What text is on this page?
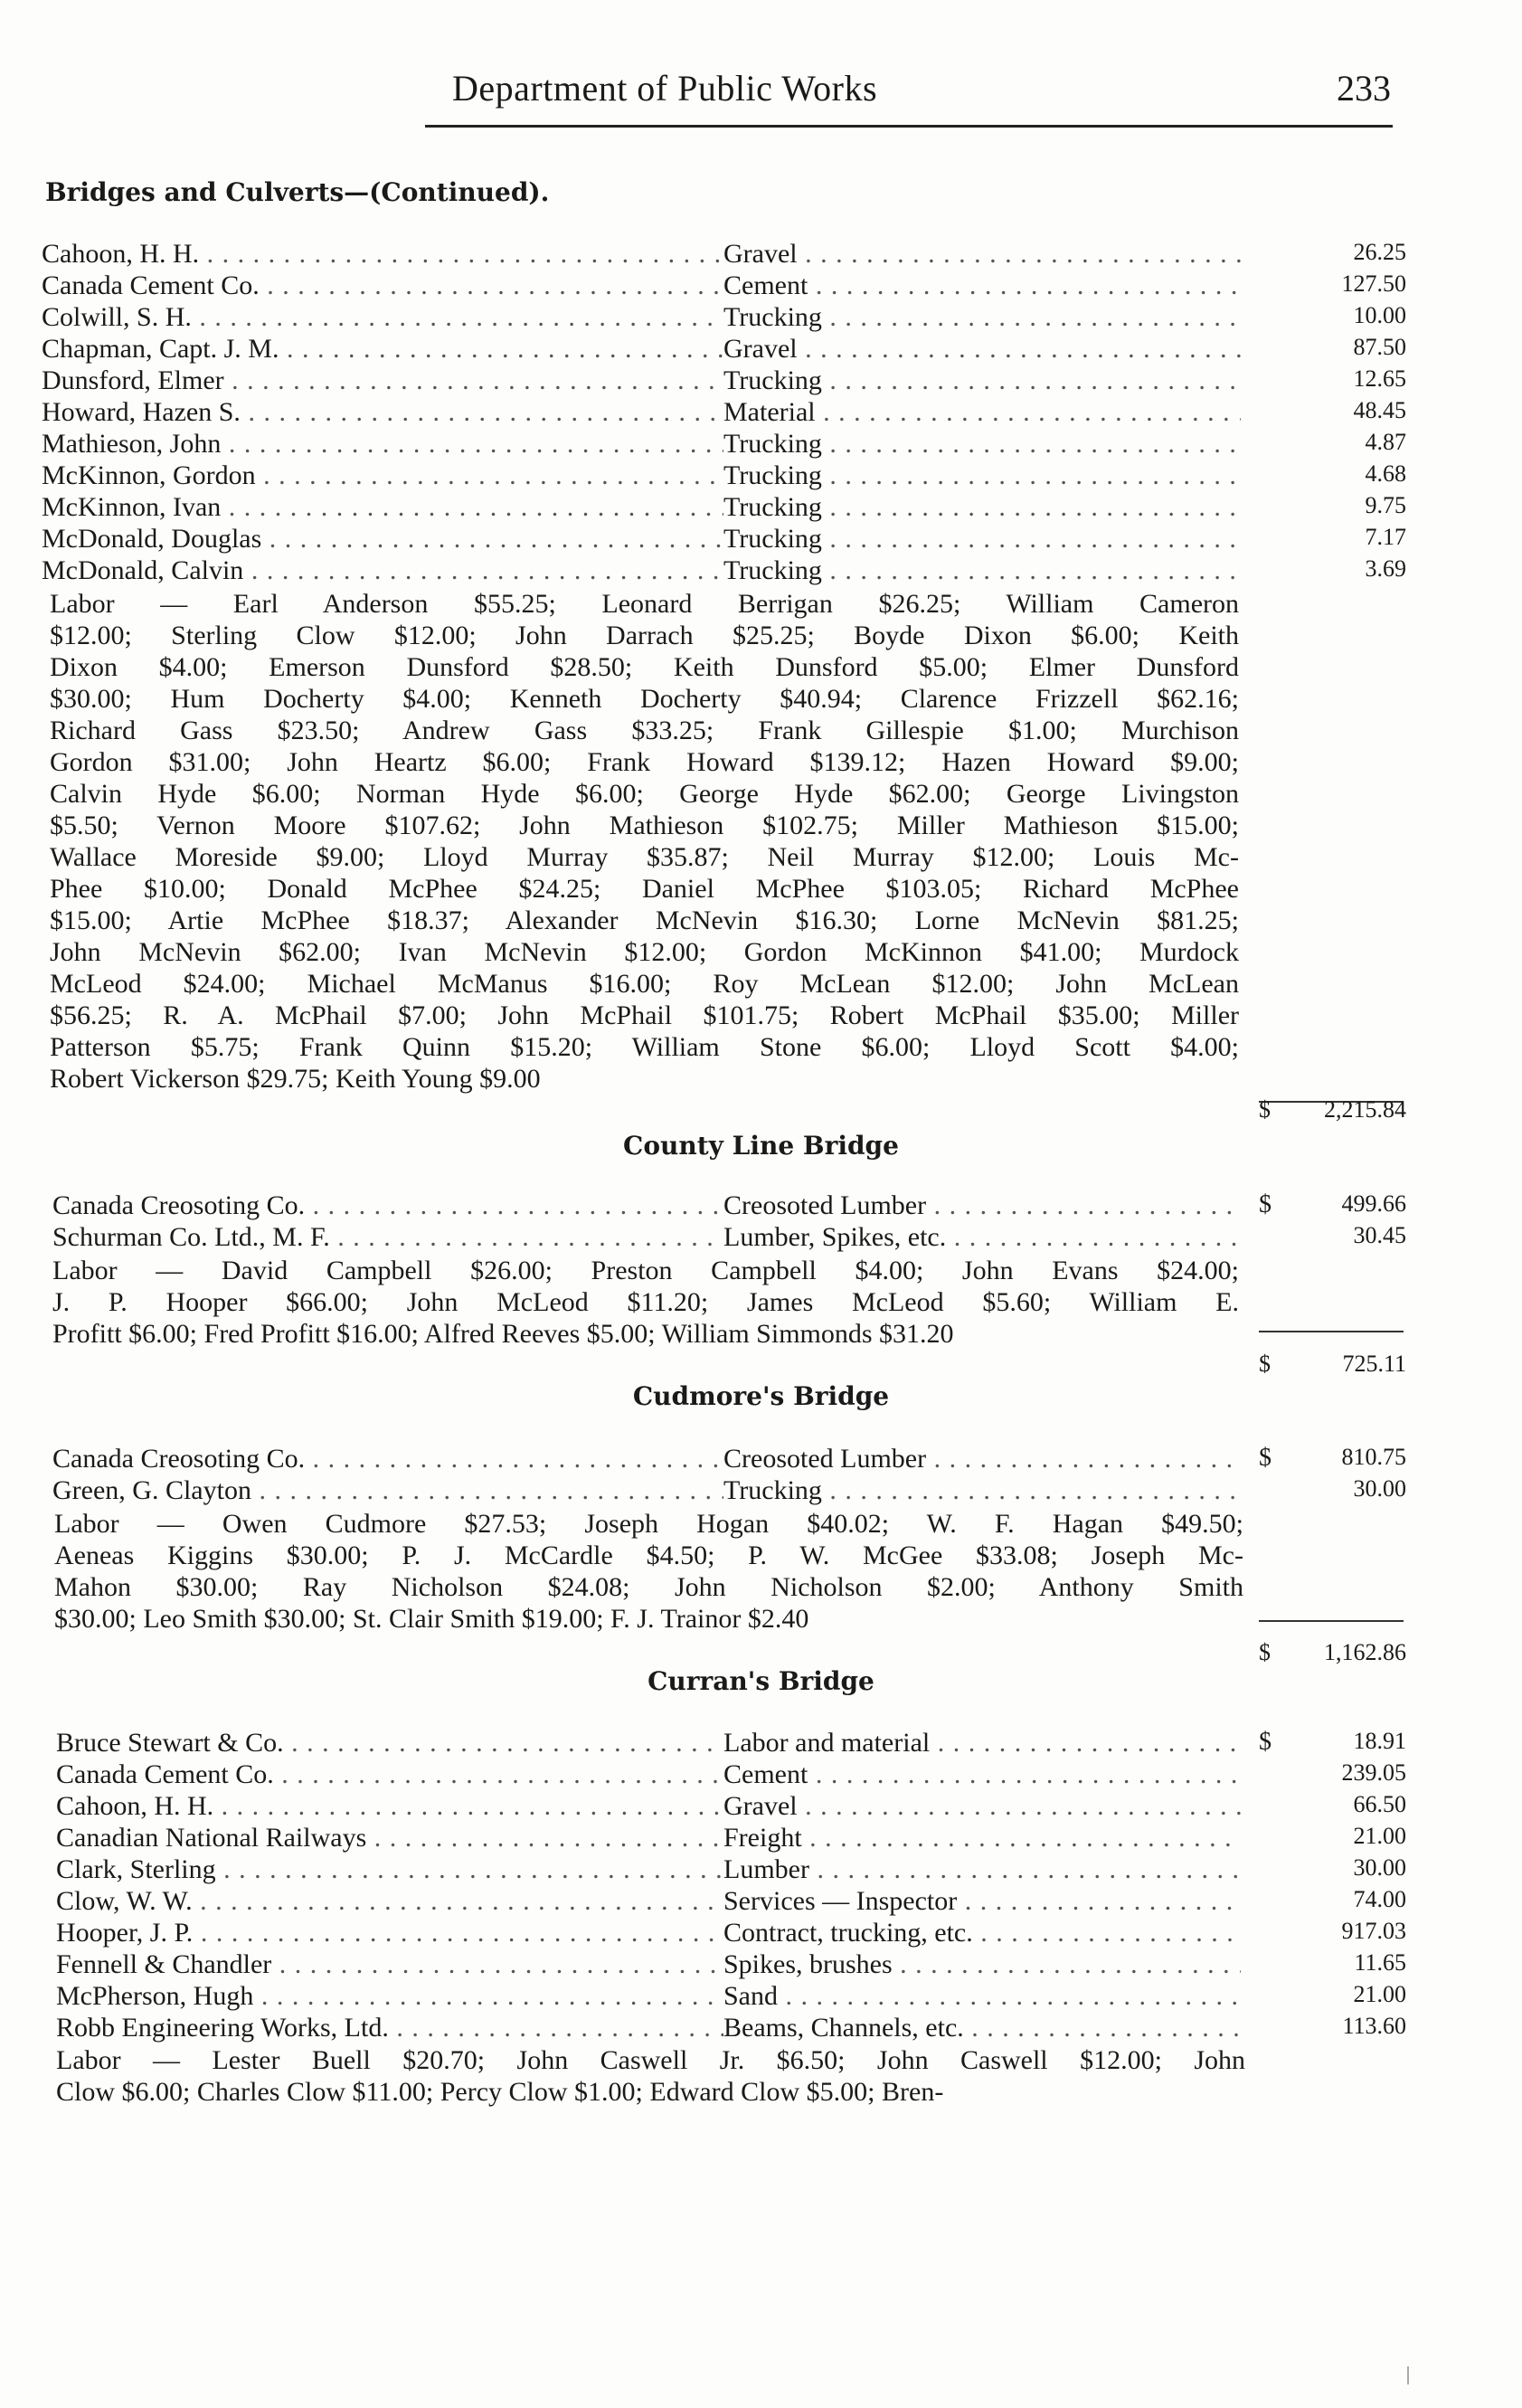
Department of Public Works	233
Bridges and Culverts—(Continued).
Cahoon, H. H. . . .	Gravel . . .	26.25
Canada Cement Co. . . .	Cement . . .	127.50
Colwill, S. H. . . .	Trucking . . .	10.00
Chapman, Capt. J. M. . . .	Gravel . . .	87.50
Dunsford, Elmer . . .	Trucking . . .	12.65
Howard, Hazen S. . . .	Material . . .	48.45
Mathieson, John . . .	Trucking . . .	4.87
McKinnon, Gordon . . .	Trucking . . .	4.68
McKinnon, Ivan . . .	Trucking . . .	9.75
McDonald, Douglas . . .	Trucking . . .	7.17
McDonald, Calvin . . .	Trucking . . .	3.69
Labor — Earl Anderson $55.25; Leonard Berrigan $26.25; William Cameron
$12.00; Sterling Clow $12.00; John Darrach $25.25; Boyde Dixon $6.00; Keith
Dixon $4.00; Emerson Dunsford $28.50; Keith Dunsford $5.00; Elmer Dunsford
$30.00; Hum Docherty $4.00; Kenneth Docherty $40.94; Clarence Frizzell $62.16;
Richard Gass $23.50; Andrew Gass $33.25; Frank Gillespie $1.00; Murchison
Gordon $31.00; John Heartz $6.00; Frank Howard $139.12; Hazen Howard $9.00;
Calvin Hyde $6.00; Norman Hyde $6.00; George Hyde $62.00; George Livingston
$5.50; Vernon Moore $107.62; John Mathieson $102.75; Miller Mathieson $15.00;
Wallace Moreside $9.00; Lloyd Murray $35.87; Neil Murray $12.00; Louis Mc-
Phee $10.00; Donald McPhee $24.25; Daniel McPhee $103.05; Richard McPhee
$15.00; Artie McPhee $18.37; Alexander McNevin $16.30; Lorne McNevin $81.25;
John McNevin $62.00; Ivan McNevin $12.00; Gordon McKinnon $41.00; Murdock
McLeod $24.00; Michael McManus $16.00; Roy McLean $12.00; John McLean
$56.25; R. A. McPhail $7.00; John McPhail $101.75; Robert McPhail $35.00; Miller
Patterson $5.75; Frank Quinn $15.20; William Stone $6.00; Lloyd Scott $4.00;
Robert Vickerson $29.75; Keith Young $9.00
$ 2,215.84
County Line Bridge
Canada Creosoting Co. . . .	Creosoted Lumber . . .	$	499.66
Schurman Co. Ltd., M. F. . . .	Lumber, Spikes, etc. . . .	30.45
Labor — David Campbell $26.00; Preston Campbell $4.00; John Evans $24.00;
J. P. Hooper $66.00; John McLeod $11.20; James McLeod $5.60; William E.
Profitt $6.00; Fred Profitt $16.00; Alfred Reeves $5.00; William Simmonds $31.20
$	725.11
Cudmore's Bridge
Canada Creosoting Co. . . .	Creosoted Lumber . . .	$	810.75
Green, G. Clayton . . .	Trucking . . .	30.00
Labor — Owen Cudmore $27.53; Joseph Hogan $40.02; W. F. Hagan $49.50;
Aeneas Kiggins $30.00; P. J. McCardle $4.50; P. W. McGee $33.08; Joseph Mc-
Mahon $30.00; Ray Nicholson $24.08; John Nicholson $2.00; Anthony Smith
$30.00; Leo Smith $30.00; St. Clair Smith $19.00; F. J. Trainor $2.40
$ 1,162.86
Curran's Bridge
Bruce Stewart & Co. . . .	Labor and material . . .	$	18.91
Canada Cement Co. . . .	Cement . . .	239.05
Cahoon, H. H. . . .	Gravel . . .	66.50
Canadian National Railways . . .	Freight . . .	21.00
Clark, Sterling . . .	Lumber . . .	30.00
Clow, W. W. . . .	Services — Inspector . . .	74.00
Hooper, J. P. . . .	Contract, trucking, etc. . . .	917.03
Fennell & Chandler . . .	Spikes, brushes . . .	11.65
McPherson, Hugh . . .	Sand . . .	21.00
Robb Engineering Works, Ltd. . . .	Beams, Channels, etc. . . .	113.60
Labor — Lester Buell $20.70; John Caswell Jr. $6.50; John Caswell $12.00; John
Clow $6.00; Charles Clow $11.00; Percy Clow $1.00; Edward Clow $5.00; Bren-
